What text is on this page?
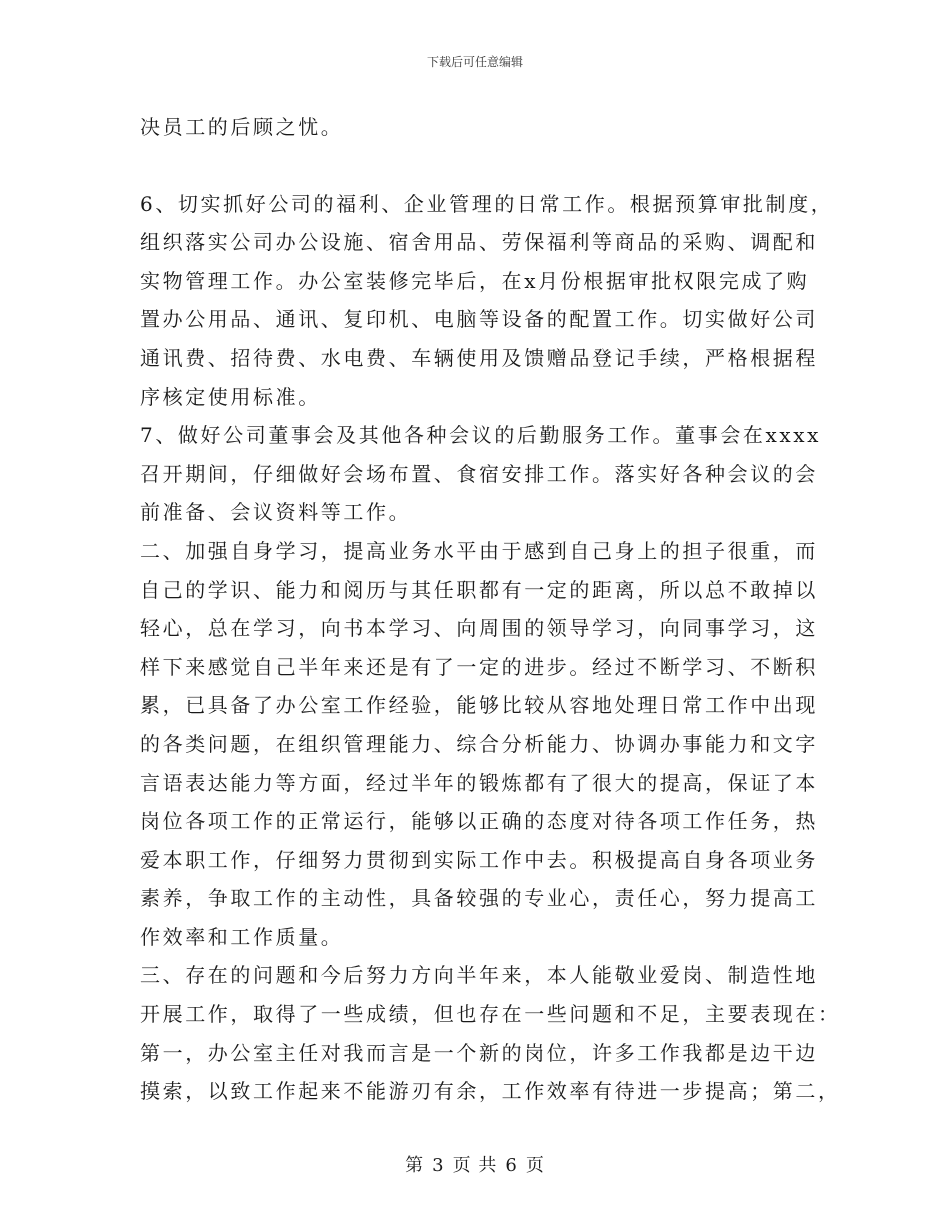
下载后可任意编辑
决员工的后顾之忧。
6、切实抓好公司的福利、企业管理的日常工作。根据预算审批制度，
组织落实公司办公设施、宿舍用品、劳保福利等商品的采购、调配和
实物管理工作。办公室装修完毕后，在x月份根据审批权限完成了购
置办公用品、通讯、复印机、电脑等设备的配置工作。切实做好公司
通讯费、招待费、水电费、车辆使用及馈赠品登记手续，严格根据程
序核定使用标准。
7、做好公司董事会及其他各种会议的后勤服务工作。董事会在xxxx
召开期间，仔细做好会场布置、食宿安排工作。落实好各种会议的会
前准备、会议资料等工作。
二、加强自身学习，提高业务水平由于感到自己身上的担子很重，而
自己的学识、能力和阅历与其任职都有一定的距离，所以总不敢掉以
轻心，总在学习，向书本学习、向周围的领导学习，向同事学习，这
样下来感觉自己半年来还是有了一定的进步。经过不断学习、不断积
累，已具备了办公室工作经验，能够比较从容地处理日常工作中出现
的各类问题，在组织管理能力、综合分析能力、协调办事能力和文字
言语表达能力等方面，经过半年的锻炼都有了很大的提高，保证了本
岗位各项工作的正常运行，能够以正确的态度对待各项工作任务，热
爱本职工作，仔细努力贯彻到实际工作中去。积极提高自身各项业务
素养，争取工作的主动性，具备较强的专业心，责任心，努力提高工
作效率和工作质量。
三、存在的问题和今后努力方向半年来，本人能敬业爱岗、制造性地
开展工作，取得了一些成绩，但也存在一些问题和不足，主要表现在：
第一，办公室主任对我而言是一个新的岗位，许多工作我都是边干边
摸索，以致工作起来不能游刃有余，工作效率有待进一步提高；第二，
第 3 页 共 6 页
